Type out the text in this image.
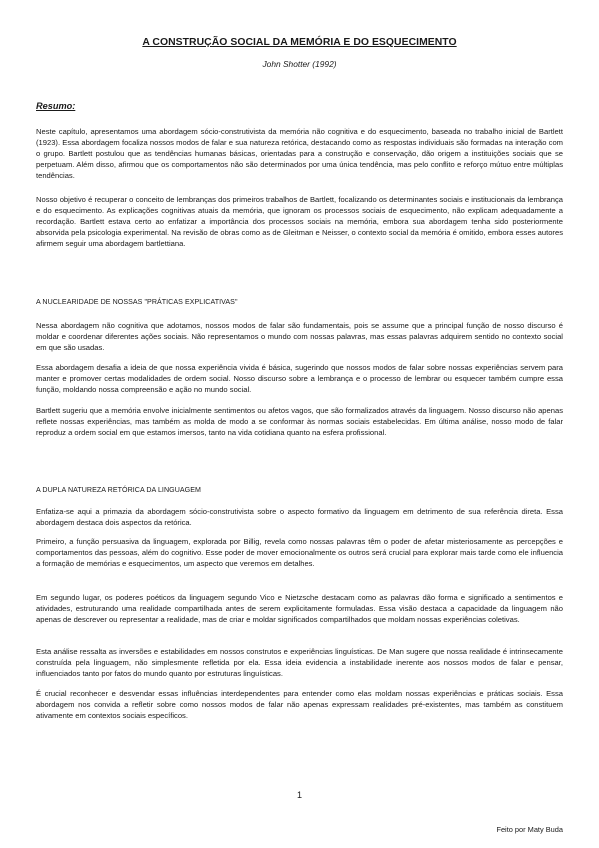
A CONSTRUÇÃO SOCIAL DA MEMÓRIA E DO ESQUECIMENTO

John Shotter (1992)

Resumo:

Neste capítulo, apresentamos uma abordagem sócio-construtivista da memória não cognitiva e do esquecimento, baseada no trabalho inicial de Bartlett (1923). Essa abordagem focaliza nossos modos de falar e sua natureza retórica, destacando como as respostas individuais são formadas na interação com o grupo. Bartlett postulou que as tendências humanas básicas, orientadas para a construção e conservação, dão origem a instituições sociais que se perpetuam. Além disso, afirmou que os comportamentos não são determinados por uma única tendência, mas pelo conflito e reforço mútuo entre múltiplas tendências.

Nosso objetivo é recuperar o conceito de lembranças dos primeiros trabalhos de Bartlett, focalizando os determinantes sociais e institucionais da lembrança e do esquecimento. As explicações cognitivas atuais da memória, que ignoram os processos sociais de esquecimento, não explicam adequadamente a recordação. Bartlett estava certo ao enfatizar a importância dos processos sociais na memória, embora sua abordagem tenha sido posteriormente absorvida pela psicologia experimental. Na revisão de obras como as de Gleitman e Neisser, o contexto social da memória é omitido, embora esses autores afirmem seguir uma abordagem bartlettiana.

A NUCLEARIDADE DE NOSSAS "PRÁTICAS EXPLICATIVAS"

Nessa abordagem não cognitiva que adotamos, nossos modos de falar são fundamentais, pois se assume que a principal função de nosso discurso é moldar e coordenar diferentes ações sociais. Não representamos o mundo com nossas palavras, mas essas palavras adquirem sentido no contexto social em que são usadas.

Essa abordagem desafia a ideia de que nossa experiência vivida é básica, sugerindo que nossos modos de falar sobre nossas experiências servem para manter e promover certas modalidades de ordem social. Nosso discurso sobre a lembrança e o processo de lembrar ou esquecer também cumpre essa função, moldando nossa compreensão e ação no mundo social.

Bartlett sugeriu que a memória envolve inicialmente sentimentos ou afetos vagos, que são formalizados através da linguagem. Nosso discurso não apenas reflete nossas experiências, mas também as molda de modo a se conformar às normas sociais estabelecidas. Em última análise, nosso modo de falar reproduz a ordem social em que estamos imersos, tanto na vida cotidiana quanto na esfera profissional.

A DUPLA NATUREZA RETÓRICA DA LINGUAGEM

Enfatiza-se aqui a primazia da abordagem sócio-construtivista sobre o aspecto formativo da linguagem em detrimento de sua referência direta. Essa abordagem destaca dois aspectos da retórica.

Primeiro, a função persuasiva da linguagem, explorada por Billig, revela como nossas palavras têm o poder de afetar misteriosamente as percepções e comportamentos das pessoas, além do cognitivo. Esse poder de mover emocionalmente os outros será crucial para explorar mais tarde como ele influencia a formação de memórias e esquecimentos, um aspecto que veremos em detalhes.

Em segundo lugar, os poderes poéticos da linguagem segundo Vico e Nietzsche destacam como as palavras dão forma e significado a sentimentos e atividades, estruturando uma realidade compartilhada antes de serem explicitamente formuladas. Essa visão destaca a capacidade da linguagem não apenas de descrever ou representar a realidade, mas de criar e moldar significados compartilhados que moldam nossas experiências coletivas.

Esta análise ressalta as inversões e estabilidades em nossos construtos e experiências linguísticas. De Man sugere que nossa realidade é intrinsecamente construída pela linguagem, não simplesmente refletida por ela. Essa ideia evidencia a instabilidade inerente aos nossos modos de falar e pensar, influenciados tanto por fatos do mundo quanto por estruturas linguísticas.

É crucial reconhecer e desvendar essas influências interdependentes para entender como elas moldam nossas experiências e práticas sociais. Essa abordagem nos convida a refletir sobre como nossos modos de falar não apenas expressam realidades pré-existentes, mas também as constituem ativamente em contextos sociais específicos.

1

Feito por Maty Buda
